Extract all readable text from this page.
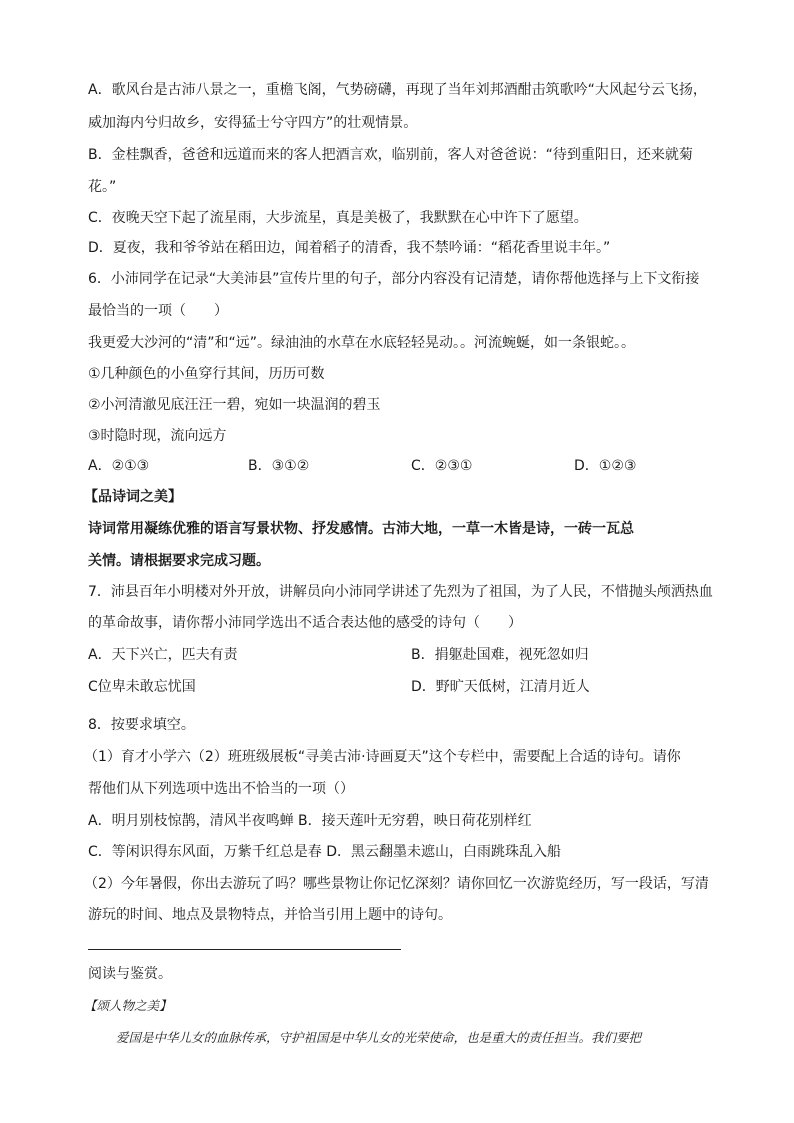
A．歌风台是古沛八景之一，重檐飞阁，气势磅礴，再现了当年刘邦酒酣击筑歌吟“大风起兮云飞扬，
威加海内兮归故乡，安得猛士兮守四方”的壮观情景。
B．金桂飘香，爸爸和远道而来的客人把酒言欢，临别前，客人对爸爸说：“待到重阳日，还来就菊
花。”
C．夜晚天空下起了流星雨，大步流星，真是美极了，我默默在心中许下了愿望。
D．夏夜，我和爷爷站在稻田边，闻着稻子的清香，我不禁吟诵：“稻花香里说丰年。”
6．小沛同学在记录“大美沛县”宣传片里的句子，部分内容没有记清楚，请你帮他选择与上下文衔接
最恰当的一项（　　）
我更爱大沙河的“清”和“远”。绿油油的水草在水底轻轻晃动。。河流蜿蜒，如一条银蛇。。
①几种颜色的小鱼穿行其间，历历可数
②小河清澈见底汪汪一碧，宛如一块温润的碧玉
③时隐时现，流向远方
A．②①③	B．③①②	C．②③①	D．①②③
【品诗词之美】
诗词常用凝练优雅的语言写景状物、抒发感情。古沛大地，一草一木皆是诗，一砖一瓦总
关情。请根据要求完成习题。
7．沛县百年小明楼对外开放，讲解员向小沛同学讲述了先烈为了祖国，为了人民，不惜抛头颅洒热血
的革命故事，请你帮小沛同学选出不适合表达他的感受的诗句（　　）
A．天下兴亡，匹夫有责	B．捐躯赴国难，视死忽如归
C位卑未敢忘忧国	D．野旷天低树，江清月近人
8．按要求填空。
（1）育才小学六（2）班班级展板“寻美古沛·诗画夏天”这个专栏中，需要配上合适的诗句。请你
帮他们从下列选项中选出不恰当的一项（）
A．明月别枝惊鹊，清风半夜鸣蝉 B．接天莲叶无穷碧，映日荷花别样红
C．等闲识得东风面，万紫千红总是春 D．黑云翻墨未遮山，白雨跳珠乱入船
（2）今年暑假，你出去游玩了吗？哪些景物让你记忆深刻？请你回忆一次游览经历，写一段话，写清
游玩的时间、地点及景物特点，并恰当引用上题中的诗句。
阅读与鉴赏。
【颂人物之美】
爱国是中华儿女的血脉传承，守护祖国是中华儿女的光荣使命，也是重大的责任担当。我们要把
